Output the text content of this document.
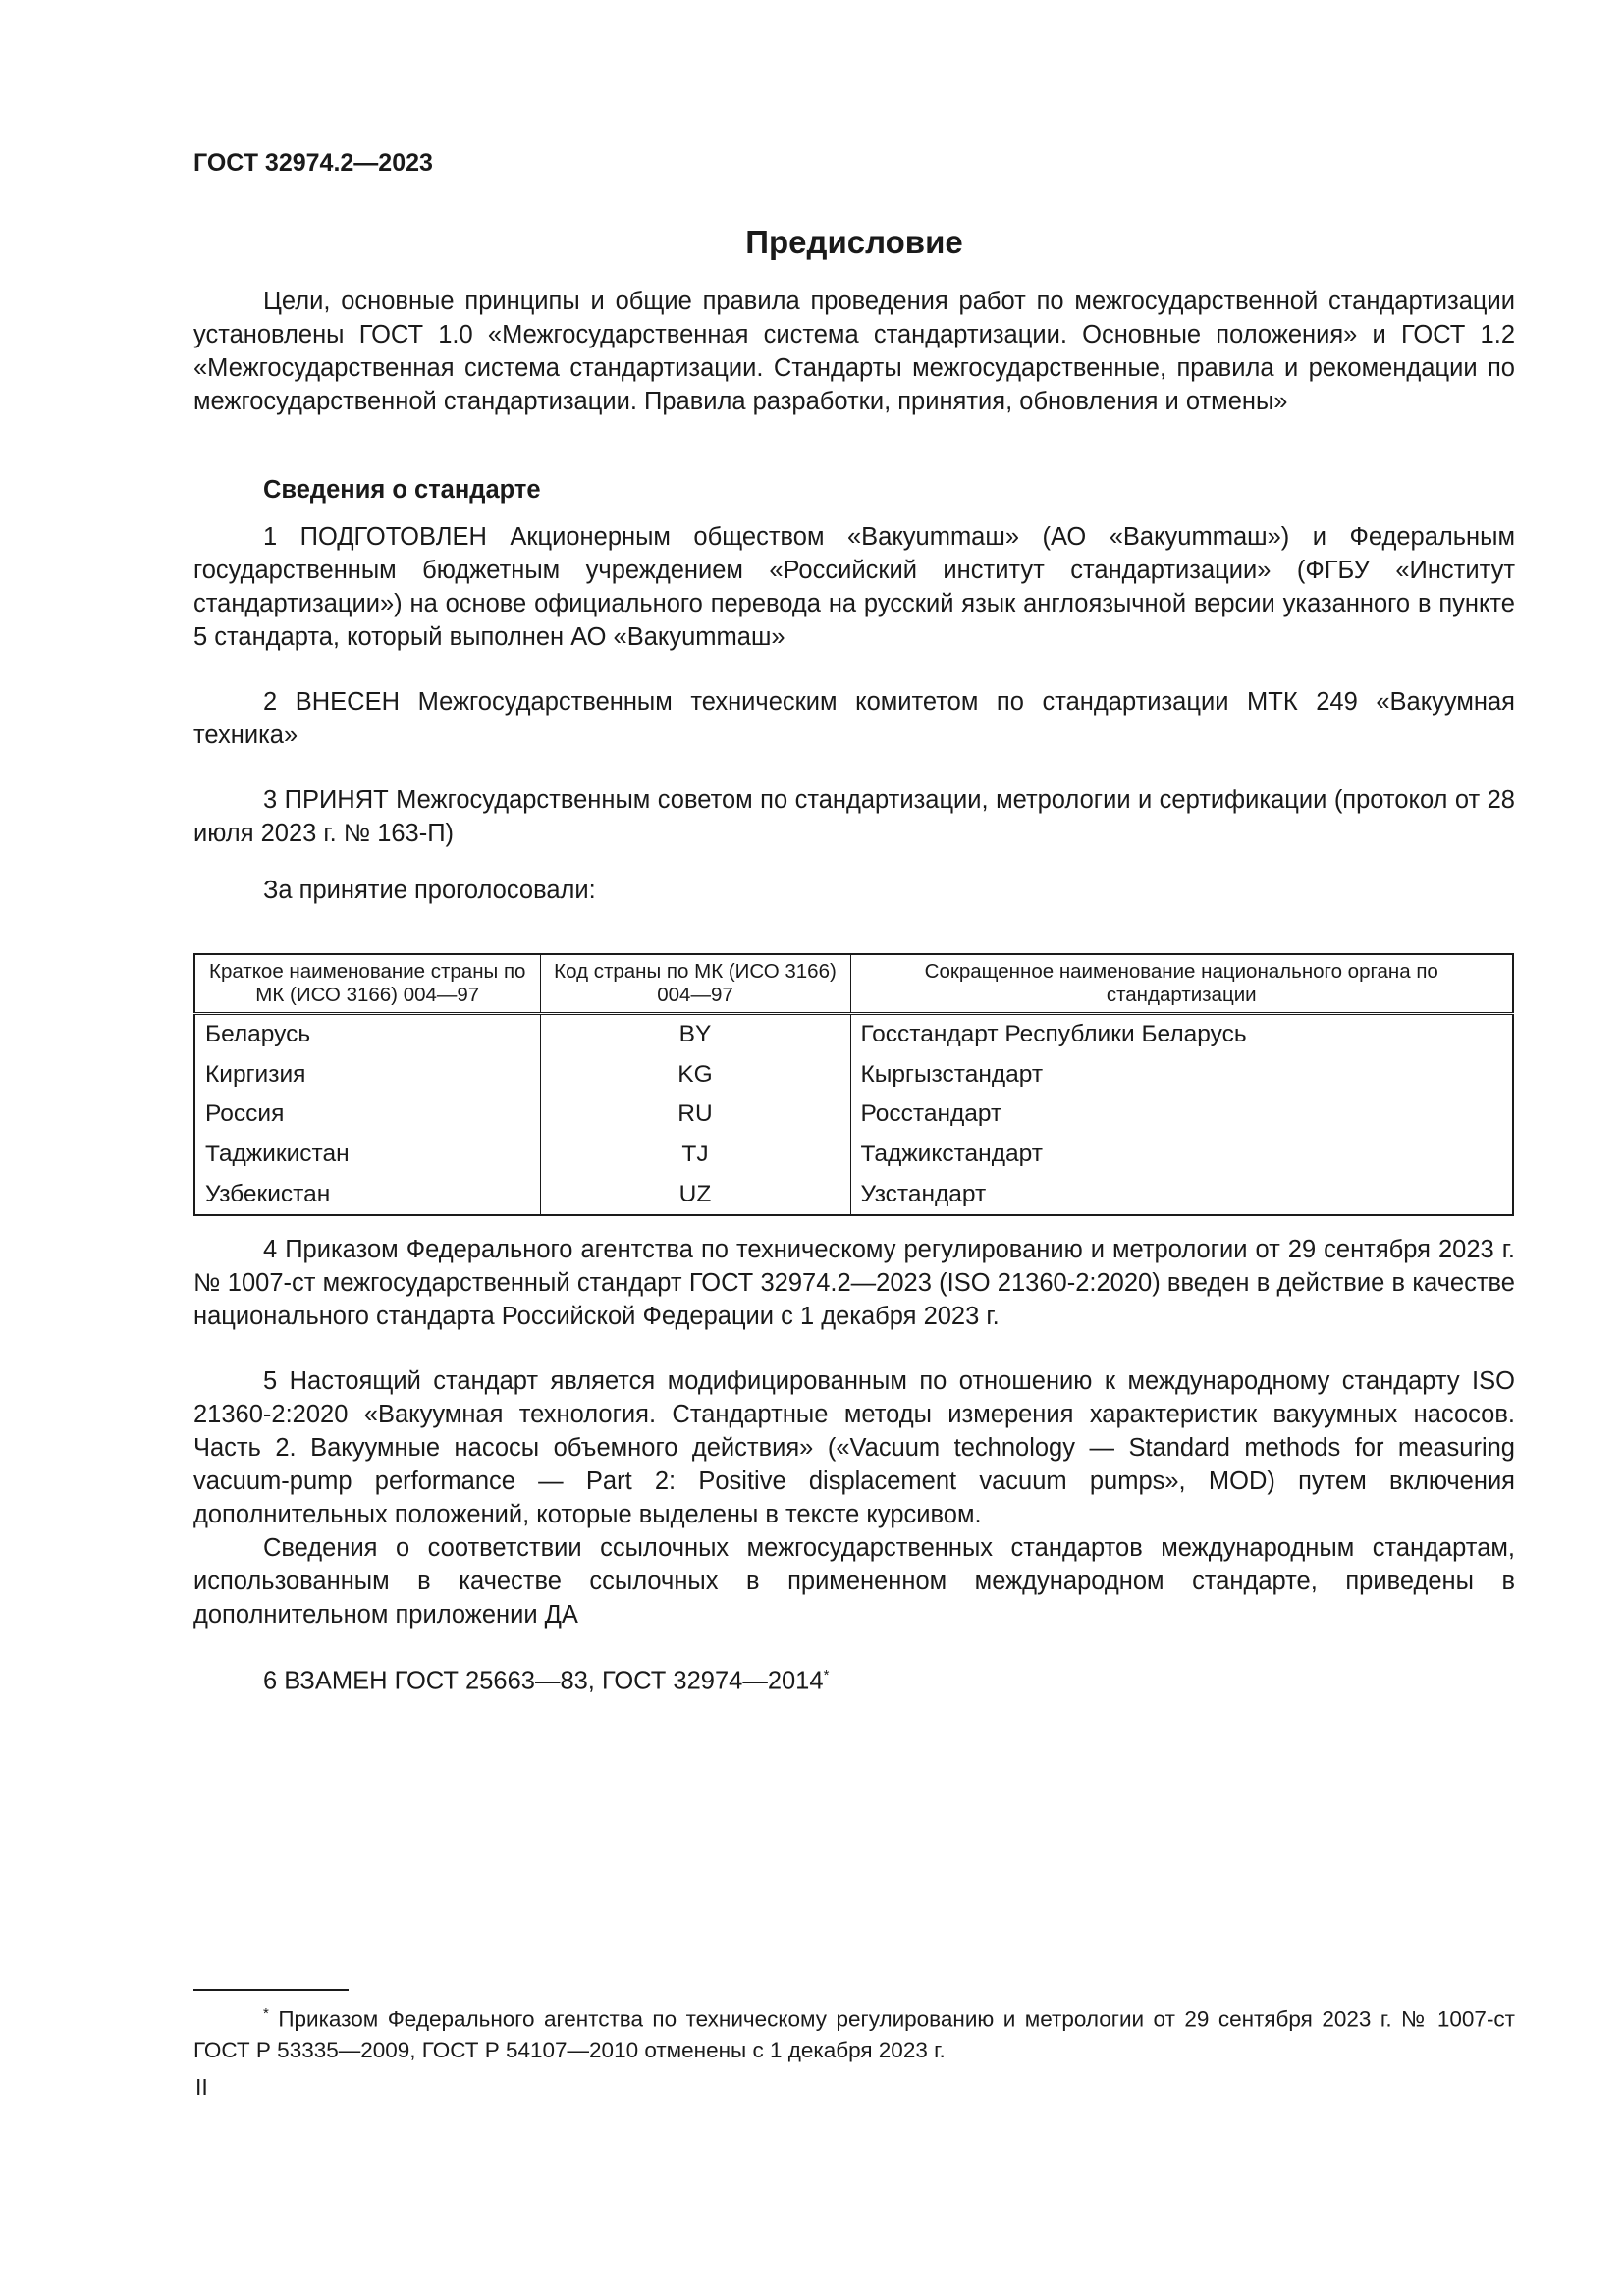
ГОСТ 32974.2—2023
Предисловие
Цели, основные принципы и общие правила проведения работ по межгосударственной стандартизации установлены ГОСТ 1.0 «Межгосударственная система стандартизации. Основные положения» и ГОСТ 1.2 «Межгосударственная система стандартизации. Стандарты межгосударственные, правила и рекомендации по межгосударственной стандартизации. Правила разработки, принятия, обновления и отмены»
Сведения о стандарте
1 ПОДГОТОВЛЕН Акционерным обществом «Вакуummаш» (АО «Вакуummаш») и Федеральным государственным бюджетным учреждением «Российский институт стандартизации» (ФГБУ «Институт стандартизации») на основе официального перевода на русский язык англоязычной версии указанного в пункте 5 стандарта, который выполнен АО «Вакуummаш»
2 ВНЕСЕН Межгосударственным техническим комитетом по стандартизации МТК 249 «Вакуумная техника»
3 ПРИНЯТ Межгосударственным советом по стандартизации, метрологии и сертификации (протокол от 28 июля 2023 г. № 163-П)
За принятие проголосовали:
Краткое наименование страны по МК (ИСО 3166) 004—97	Код страны по МК (ИСО 3166) 004—97	Сокращенное наименование национального органа по стандартизации
Беларусь	BY	Госстандарт Республики Беларусь
Киргизия	KG	Кыргызстандарт
Россия	RU	Росстандарт
Таджикистан	TJ	Таджикстандарт
Узбекистан	UZ	Узстандарт
4 Приказом Федерального агентства по техническому регулированию и метрологии от 29 сентября 2023 г. № 1007-ст межгосударственный стандарт ГОСТ 32974.2—2023 (ISO 21360-2:2020) введен в действие в качестве национального стандарта Российской Федерации с 1 декабря 2023 г.
5 Настоящий стандарт является модифицированным по отношению к международному стандарту ISO 21360-2:2020 «Вакуумная технология. Стандартные методы измерения характеристик вакуумных насосов. Часть 2. Вакуумные насосы объемного действия» («Vacuum technology — Standard methods for measuring vacuum-pump performance — Part 2: Positive displacement vacuum pumps», MOD) путем включения дополнительных положений, которые выделены в тексте курсивом.
Сведения о соответствии ссылочных межгосударственных стандартов международным стандартам, использованным в качестве ссылочных в примененном международном стандарте, приведены в дополнительном приложении ДА
6 ВЗАМЕН ГОСТ 25663—83, ГОСТ 32974—2014*
* Приказом Федерального агентства по техническому регулированию и метрологии от 29 сентября 2023 г. № 1007-ст ГОСТ Р 53335—2009, ГОСТ Р 54107—2010 отменены с 1 декабря 2023 г.
II
